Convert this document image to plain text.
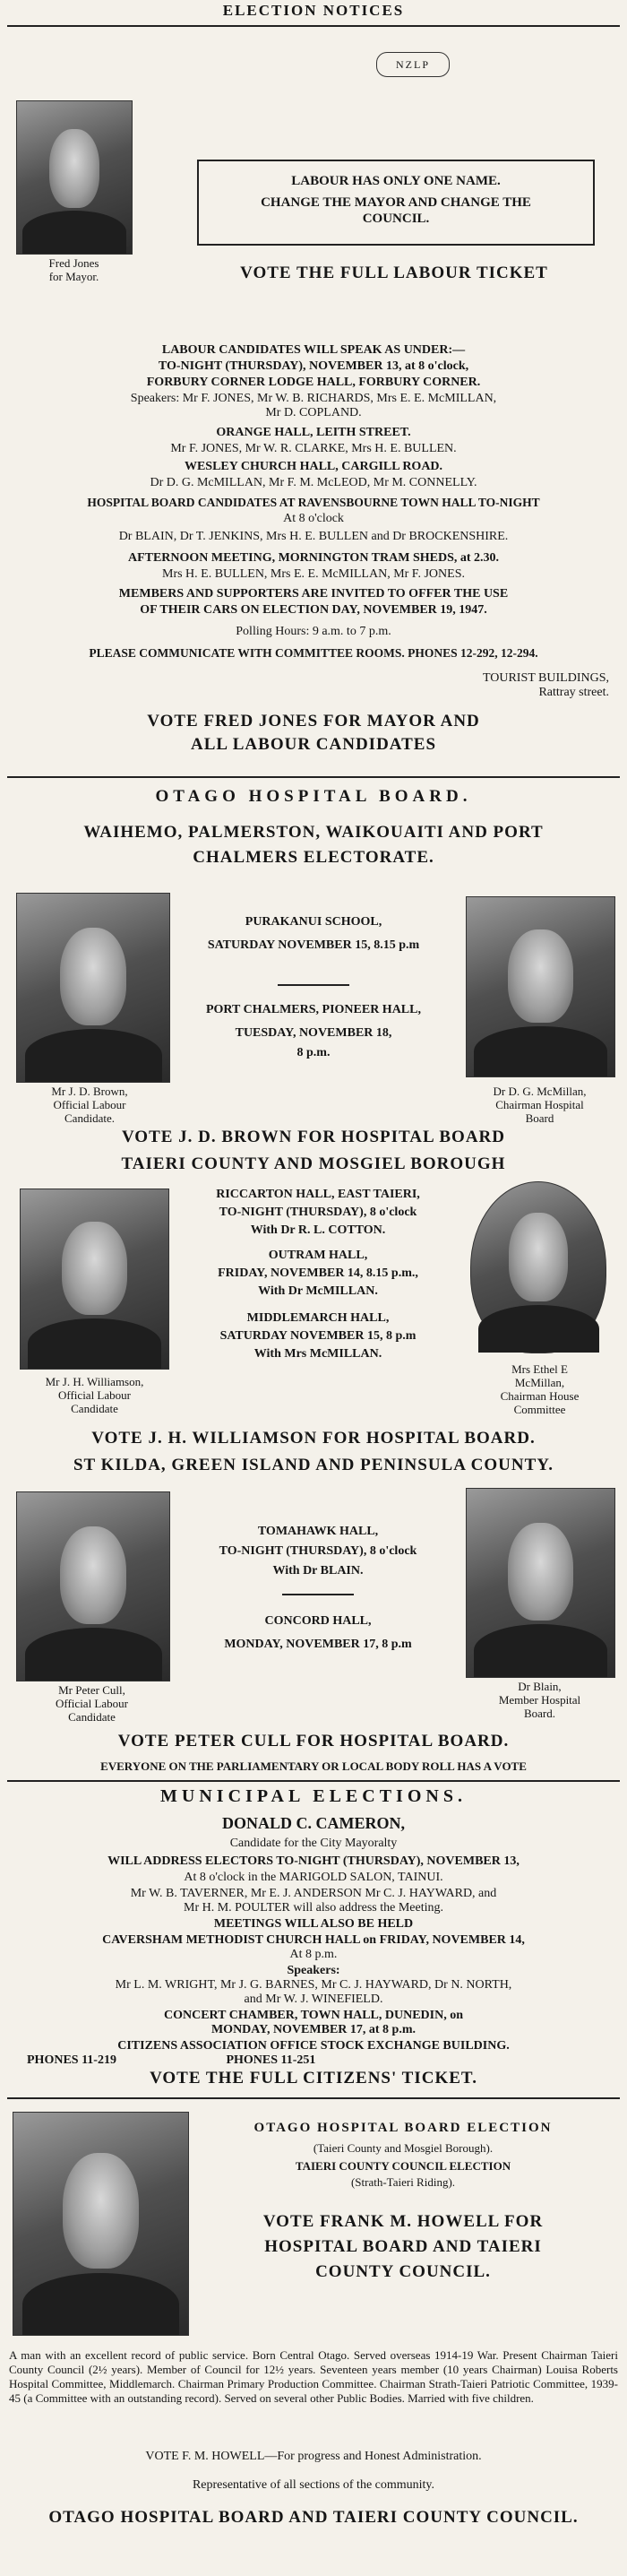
ELECTION NOTICES
NZLP
Fred Jones
for Mayor.
LABOUR HAS ONLY ONE NAME.
CHANGE THE MAYOR AND CHANGE THE COUNCIL.
VOTE THE FULL LABOUR TICKET
LABOUR CANDIDATES WILL SPEAK AS UNDER:—
TO-NIGHT (THURSDAY), NOVEMBER 13, at 8 o'clock,
FORBURY CORNER LODGE HALL, FORBURY CORNER.
Speakers: Mr F. JONES, Mr W. B. RICHARDS, Mrs E. E. McMILLAN,
Mr D. COPLAND.
ORANGE HALL, LEITH STREET.
Mr F. JONES, Mr W. R. CLARKE, Mrs H. E. BULLEN.
WESLEY CHURCH HALL, CARGILL ROAD.
Dr D. G. McMILLAN, Mr F. M. McLEOD, Mr M. CONNELLY.
HOSPITAL BOARD CANDIDATES AT RAVENSBOURNE TOWN HALL TO-NIGHT
At 8 o'clock
Dr BLAIN, Dr T. JENKINS, Mrs H. E. BULLEN and Dr BROCKENSHIRE.
AFTERNOON MEETING, MORNINGTON TRAM SHEDS, at 2.30.
Mrs H. E. BULLEN, Mrs E. E. McMILLAN, Mr F. JONES.
MEMBERS AND SUPPORTERS ARE INVITED TO OFFER THE USE
OF THEIR CARS ON ELECTION DAY, NOVEMBER 19, 1947.
Polling Hours: 9 a.m. to 7 p.m.
PLEASE COMMUNICATE WITH COMMITTEE ROOMS. PHONES 12-292, 12-294.
TOURIST BUILDINGS,
Rattray street.
VOTE FRED JONES FOR MAYOR AND
ALL LABOUR CANDIDATES
OTAGO HOSPITAL BOARD.
WAIHEMO, PALMERSTON, WAIKOUAITI AND PORT
CHALMERS ELECTORATE.
Mr J. D. Brown,
Official Labour
Candidate.
Dr D. G. McMillan,
Chairman Hospital
Board
PURAKANUI SCHOOL,
SATURDAY NOVEMBER 15, 8.15 p.m
PORT CHALMERS, PIONEER HALL,
TUESDAY, NOVEMBER 18,
8 p.m.
VOTE J. D. BROWN FOR HOSPITAL BOARD
TAIERI COUNTY AND MOSGIEL BOROUGH
Mr J. H. Williamson,
Official Labour
Candidate
Mrs Ethel E
McMillan,
Chairman House
Committee
RICCARTON HALL, EAST TAIERI,
TO-NIGHT (THURSDAY), 8 o'clock
With Dr R. L. COTTON.
OUTRAM HALL,
FRIDAY, NOVEMBER 14, 8.15 p.m.,
With Dr McMILLAN.
MIDDLEMARCH HALL,
SATURDAY NOVEMBER 15, 8 p.m
With Mrs McMILLAN.
VOTE J. H. WILLIAMSON FOR HOSPITAL BOARD.
ST KILDA, GREEN ISLAND AND PENINSULA COUNTY.
Mr Peter Cull,
Official Labour
Candidate
Dr Blain,
Member Hospital
Board.
TOMAHAWK HALL,
TO-NIGHT (THURSDAY), 8 o'clock
With Dr BLAIN.
CONCORD HALL,
MONDAY, NOVEMBER 17, 8 p.m
VOTE PETER CULL FOR HOSPITAL BOARD.
EVERYONE ON THE PARLIAMENTARY OR LOCAL BODY ROLL HAS A VOTE
MUNICIPAL ELECTIONS.
DONALD C. CAMERON,
Candidate for the City Mayoralty
WILL ADDRESS ELECTORS TO-NIGHT (THURSDAY), NOVEMBER 13,
At 8 o'clock in the MARIGOLD SALON, TAINUI.
Mr W. B. TAVERNER, Mr E. J. ANDERSON Mr C. J. HAYWARD, and
Mr H. M. POULTER will also address the Meeting.
MEETINGS WILL ALSO BE HELD
CAVERSHAM METHODIST CHURCH HALL on FRIDAY, NOVEMBER 14,
At 8 p.m.
Speakers:
Mr L. M. WRIGHT, Mr J. G. BARNES, Mr C. J. HAYWARD, Dr N. NORTH,
and Mr W. J. WINEFIELD.
CONCERT CHAMBER, TOWN HALL, DUNEDIN, on
MONDAY, NOVEMBER 17, at 8 p.m.
CITIZENS ASSOCIATION OFFICE STOCK EXCHANGE BUILDING.
PHONES 11-219                                   PHONES 11-251
VOTE THE FULL CITIZENS' TICKET.
OTAGO HOSPITAL BOARD ELECTION
(Taieri County and Mosgiel Borough).
TAIERI COUNTY COUNCIL ELECTION
(Strath-Taieri Riding).
VOTE FRANK M. HOWELL FOR
HOSPITAL BOARD AND TAIERI
COUNTY COUNCIL.
A man with an excellent record of public service. Born Central Otago. Served overseas 1914-19 War. Present Chairman Taieri County Council (2½ years). Member of Council for 12½ years. Seventeen years member (10 years Chairman) Louisa Roberts Hospital Committee, Middlemarch. Chairman Primary Production Committee. Chairman Strath-Taieri Patriotic Committee, 1939-45 (a Committee with an outstanding record). Served on several other Public Bodies. Married with five children.
VOTE F. M. HOWELL—For progress and Honest Administration.
Representative of all sections of the community.
OTAGO HOSPITAL BOARD AND TAIERI COUNTY COUNCIL.
